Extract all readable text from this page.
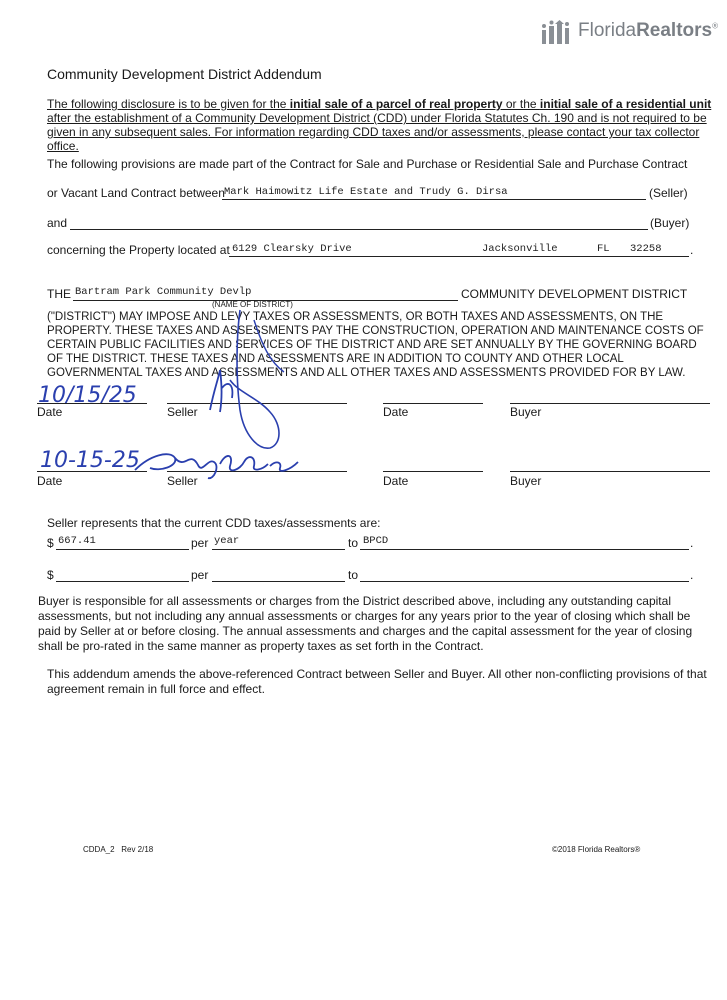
FloridaRealtors®
Community Development District Addendum
The following disclosure is to be given for the initial sale of a parcel of real property or the initial sale of a residential unit after the establishment of a Community Development District (CDD) under Florida Statutes Ch. 190 and is not required to be given in any subsequent sales. For information regarding CDD taxes and/or assessments, please contact your tax collector office.
The following provisions are made part of the Contract for Sale and Purchase or Residential Sale and Purchase Contract
or Vacant Land Contract between Mark Haimowitz Life Estate and Trudy G. Dirsa	(Seller)
and	(Buyer)
concerning the Property located at 6129 Clearsky Drive	Jacksonville	FL 32258 .
THE Bartram Park Community Devlp	COMMUNITY DEVELOPMENT DISTRICT
(NAME OF DISTRICT)
("DISTRICT") MAY IMPOSE AND LEVY TAXES OR ASSESSMENTS, OR BOTH TAXES AND ASSESSMENTS, ON THE PROPERTY. THESE TAXES AND ASSESSMENTS PAY THE CONSTRUCTION, OPERATION AND MAINTENANCE COSTS OF CERTAIN PUBLIC FACILITIES AND SERVICES OF THE DISTRICT AND ARE SET ANNUALLY BY THE GOVERNING BOARD OF THE DISTRICT. THESE TAXES AND ASSESSMENTS ARE IN ADDITION TO COUNTY AND OTHER LOCAL GOVERNMENTAL TAXES AND ASSESSMENTS AND ALL OTHER TAXES AND ASSESSMENTS PROVIDED FOR BY LAW.
10/15/25
Date	Seller	Date	Buyer
10-15-25
Date	Seller	Date	Buyer
Seller represents that the current CDD taxes/assessments are:
$ 667.41	per year	to BPCD	.
$	per	to	.
Buyer is responsible for all assessments or charges from the District described above, including any outstanding capital assessments, but not including any annual assessments or charges for any years prior to the year of closing which shall be paid by Seller at or before closing. The annual assessments and charges and the capital assessment for the year of closing shall be pro-rated in the same manner as property taxes as set forth in the Contract.
This addendum amends the above-referenced Contract between Seller and Buyer. All other non-conflicting provisions of that agreement remain in full force and effect.
CDDA_2   Rev 2/18	©2018 Florida Realtors®
